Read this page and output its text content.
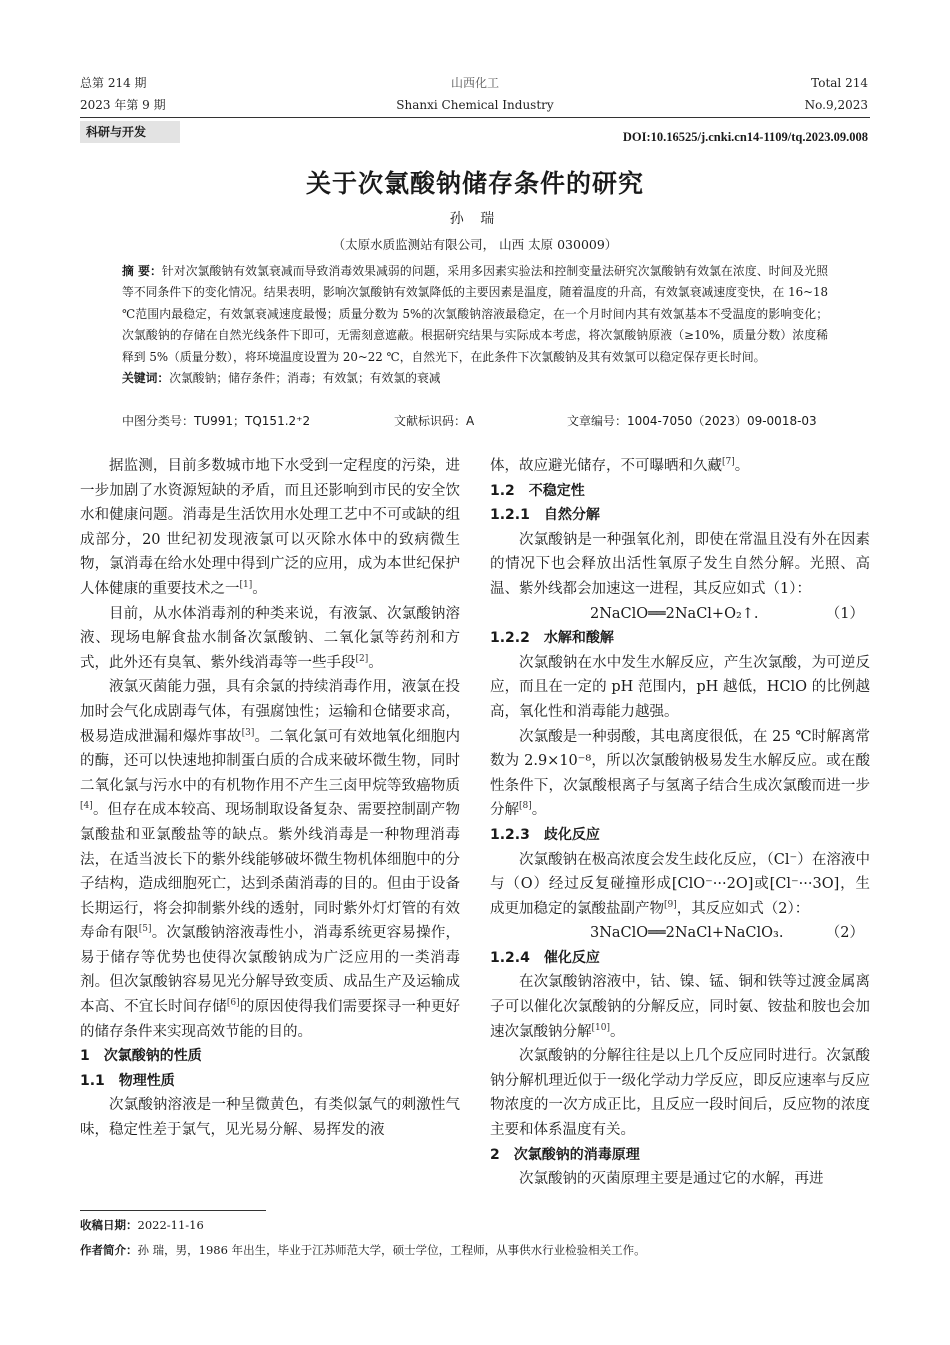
总第 214 期	山西化工	Total 214
2023 年第 9 期	Shanxi Chemical Industry	No.9,2023
科研与开发	DOI:10.16525/j.cnki.cn14-1109/tq.2023.09.008
关于次氯酸钠储存条件的研究
孙 瑞
（太原水质监测站有限公司， 山西 太原 030009）

摘 要：针对次氯酸钠有效氯衰减而导致消毒效果减弱的问题，采用多因素实验法和控制变量法研究次氯酸钠有效氯在浓度、时间及光照等不同条件下的变化情况。结果表明，影响次氯酸钠有效氯降低的主要因素是温度，随着温度的升高，有效氯衰减速度变快，在 16~18 ℃范围内最稳定，有效氯衰减速度最慢；质量分数为 5%的次氯酸钠溶液最稳定，在一个月时间内其有效氯基本不受温度的影响变化；次氯酸钠的存储在自然光线条件下即可，无需刻意遮蔽。根据研究结果与实际成本考虑，将次氯酸钠原液（≥10%，质量分数）浓度稀释到 5%（质量分数），将环境温度设置为 20~22 ℃，自然光下，在此条件下次氯酸钠及其有效氯可以稳定保存更长时间。

关键词：次氯酸钠；储存条件；消毒；有效氯；有效氯的衰减

中图分类号：TU991；TQ151.2⁺2	文献标识码：A	文章编号：1004-7050（2023）09-0018-03

据监测，目前多数城市地下水受到一定程度的污染，进一步加剧了水资源短缺的矛盾，而且还影响到市民的安全饮水和健康问题。消毒是生活饮用水处理工艺中不可或缺的组成部分，20 世纪初发现液氯可以灭除水体中的致病微生物，氯消毒在给水处理中得到广泛的应用，成为本世纪保护人体健康的重要技术之一[1]。

目前，从水体消毒剂的种类来说，有液氯、次氯酸钠溶液、现场电解食盐水制备次氯酸钠、二氧化氯等药剂和方式，此外还有臭氧、紫外线消毒等一些手段[2]。

液氯灭菌能力强，具有余氯的持续消毒作用，液氯在投加时会气化成剧毒气体，有强腐蚀性；运输和仓储要求高，极易造成泄漏和爆炸事故[3]。二氧化氯可有效地氧化细胞内的酶，还可以快速地抑制蛋白质的合成来破坏微生物，同时二氧化氯与污水中的有机物作用不产生三卤甲烷等致癌物质[4]。但存在成本较高、现场制取设备复杂、需要控制副产物氯酸盐和亚氯酸盐等的缺点。紫外线消毒是一种物理消毒法，在适当波长下的紫外线能够破坏微生物机体细胞中的分子结构，造成细胞死亡，达到杀菌消毒的目的。但由于设备长期运行，将会抑制紫外线的透射，同时紫外灯灯管的有效寿命有限[5]。次氯酸钠溶液毒性小，消毒系统更容易操作，易于储存等优势也使得次氯酸钠成为广泛应用的一类消毒剂。但次氯酸钠容易见光分解导致变质、成品生产及运输成本高、不宜长时间存储[6]的原因使得我们需要探寻一种更好的储存条件来实现高效节能的目的。

1　次氯酸钠的性质
1.1　物理性质

次氯酸钠溶液是一种呈微黄色，有类似氯气的刺激性气味，稳定性差于氯气，见光易分解、易挥发的液

体，故应避光储存，不可曝晒和久藏[7]。

1.2　不稳定性
1.2.1　自然分解

次氯酸钠是一种强氧化剂，即使在常温且没有外在因素的情况下也会释放出活性氧原子发生自然分解。光照、高温、紫外线都会加速这一进程，其反应如式（1）：

2NaClO══2NaCl+O₂↑.	（1）
1.2.2　水解和酸解

次氯酸钠在水中发生水解反应，产生次氯酸，为可逆反应，而且在一定的 pH 范围内，pH 越低，HClO 的比例越高，氧化性和消毒能力越强。

次氯酸是一种弱酸，其电离度很低，在 25 ℃时解离常数为 2.9×10⁻⁸，所以次氯酸钠极易发生水解反应。或在酸性条件下，次氯酸根离子与氢离子结合生成次氯酸而进一步分解[8]。

1.2.3　歧化反应

次氯酸钠在极高浓度会发生歧化反应，（Cl⁻）在溶液中与（O）经过反复碰撞形成[ClO⁻···2O]或[Cl⁻···3O]，生成更加稳定的氯酸盐副产物[9]，其反应如式（2）：

3NaClO══2NaCl+NaClO₃.	（2）
1.2.4　催化反应

在次氯酸钠溶液中，钴、镍、锰、铜和铁等过渡金属离子可以催化次氯酸钠的分解反应，同时氨、铵盐和胺也会加速次氯酸钠分解[10]。

次氯酸钠的分解往往是以上几个反应同时进行。次氯酸钠分解机理近似于一级化学动力学反应，即反应速率与反应物浓度的一次方成正比，且反应一段时间后，反应物的浓度主要和体系温度有关。

2　次氯酸钠的消毒原理

次氯酸钠的灭菌原理主要是通过它的水解，再进

收稿日期：2022-11-16
作者简介：孙 瑞，男，1986 年出生，毕业于江苏师范大学，硕士学位，工程师，从事供水行业检验相关工作。
